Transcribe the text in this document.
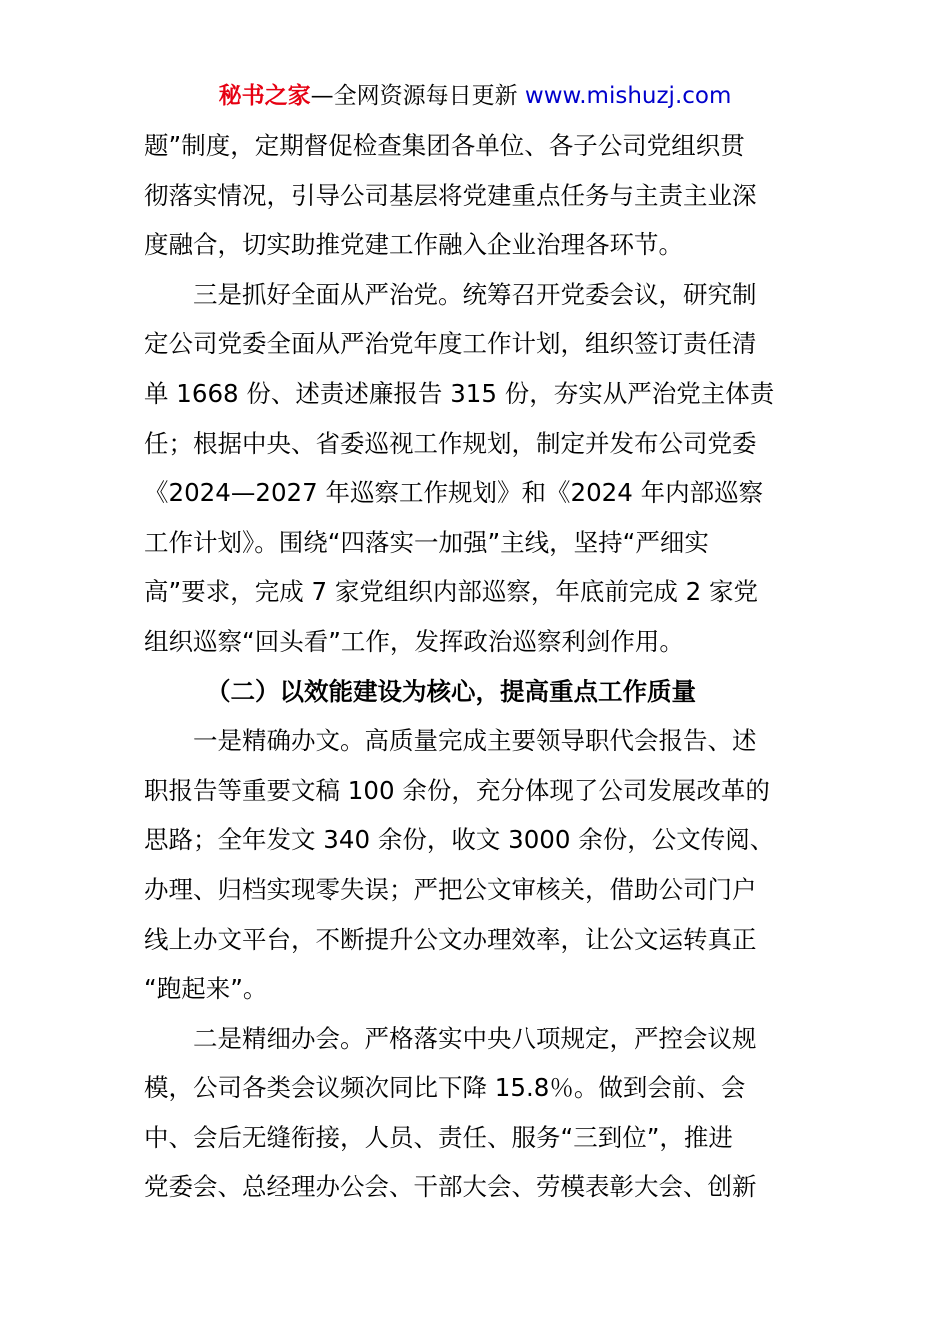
秘书之家—全网资源每日更新 www.mishuzj.com
题”制度，定期督促检查集团各单位、各子公司党组织贯
彻落实情况，引导公司基层将党建重点任务与主责主业深
度融合，切实助推党建工作融入企业治理各环节。
三是抓好全面从严治党。统筹召开党委会议，研究制
定公司党委全面从严治党年度工作计划，组织签订责任清
单 1668 份、述责述廉报告 315 份，夯实从严治党主体责
任；根据中央、省委巡视工作规划，制定并发布公司党委
《2024—2027 年巡察工作规划》和《2024 年内部巡察
工作计划》。围绕“四落实一加强”主线，坚持“严细实
高”要求，完成 7 家党组织内部巡察，年底前完成 2 家党
组织巡察“回头看”工作，发挥政治巡察利剑作用。
（二）以效能建设为核心，提高重点工作质量
一是精确办文。高质量完成主要领导职代会报告、述
职报告等重要文稿 100 余份，充分体现了公司发展改革的
思路；全年发文 340 余份，收文 3000 余份，公文传阅、
办理、归档实现零失误；严把公文审核关，借助公司门户
线上办文平台，不断提升公文办理效率，让公文运转真正
“跑起来”。
二是精细办会。严格落实中央八项规定，严控会议规
模，公司各类会议频次同比下降 15.8％。做到会前、会
中、会后无缝衔接，人员、责任、服务“三到位”，推进
党委会、总经理办公会、干部大会、劳模表彰大会、创新
